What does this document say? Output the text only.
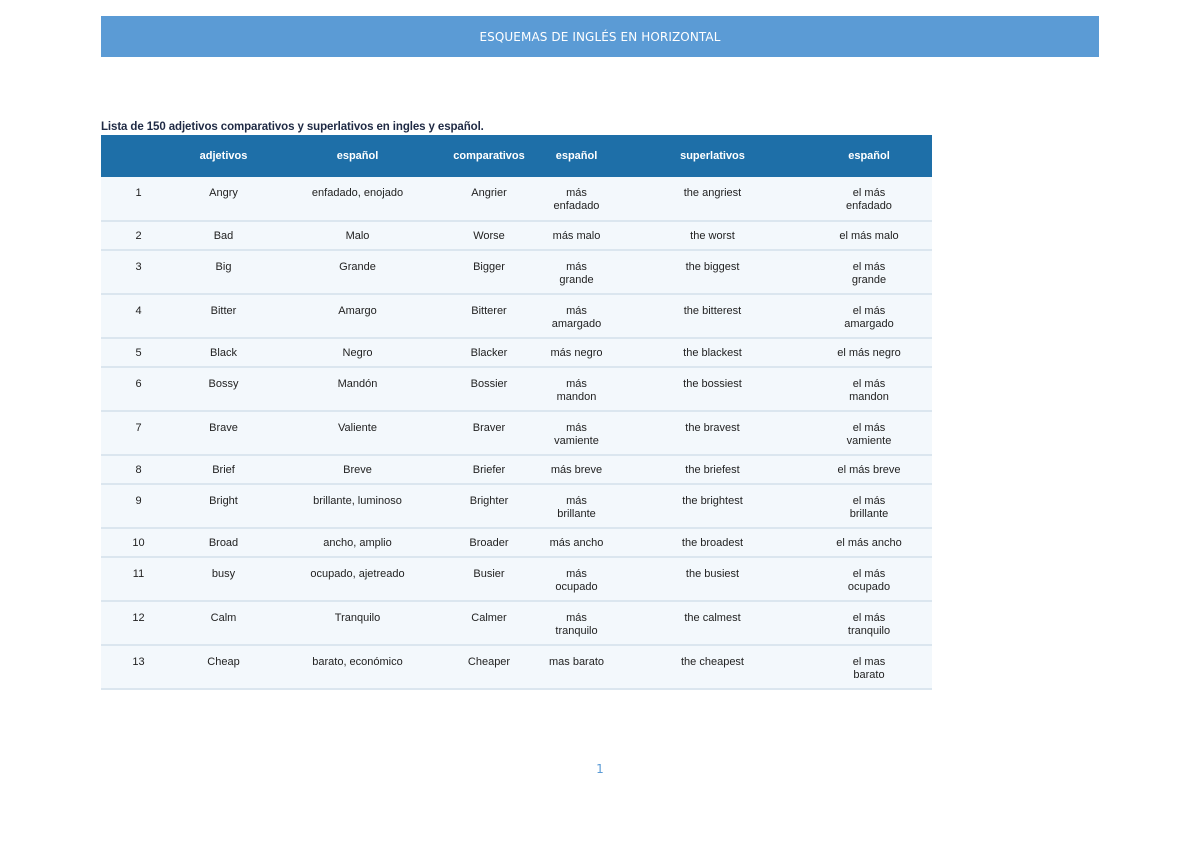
ESQUEMAS DE INGLÉS EN HORIZONTAL
Lista de 150 adjetivos comparativos y superlativos en ingles y español.
	adjetivos	español	comparativos	español	superlativos	español
1	Angry	enfadado, enojado	Angrier	más enfadado	the angriest	el más enfadado
2	Bad	Malo	Worse	más malo	the worst	el más malo
3	Big	Grande	Bigger	más grande	the biggest	el más grande
4	Bitter	Amargo	Bitterer	más amargado	the bitterest	el más amargado
5	Black	Negro	Blacker	más negro	the blackest	el más negro
6	Bossy	Mandón	Bossier	más mandon	the bossiest	el más mandon
7	Brave	Valiente	Braver	más vamiente	the bravest	el más vamiente
8	Brief	Breve	Briefer	más breve	the briefest	el más breve
9	Bright	brillante, luminoso	Brighter	más brillante	the brightest	el más brillante
10	Broad	ancho, amplio	Broader	más ancho	the broadest	el más ancho
11	busy	ocupado, ajetreado	Busier	más ocupado	the busiest	el más ocupado
12	Calm	Tranquilo	Calmer	más tranquilo	the calmest	el más tranquilo
13	Cheap	barato, económico	Cheaper	mas barato	the cheapest	el mas barato
1
